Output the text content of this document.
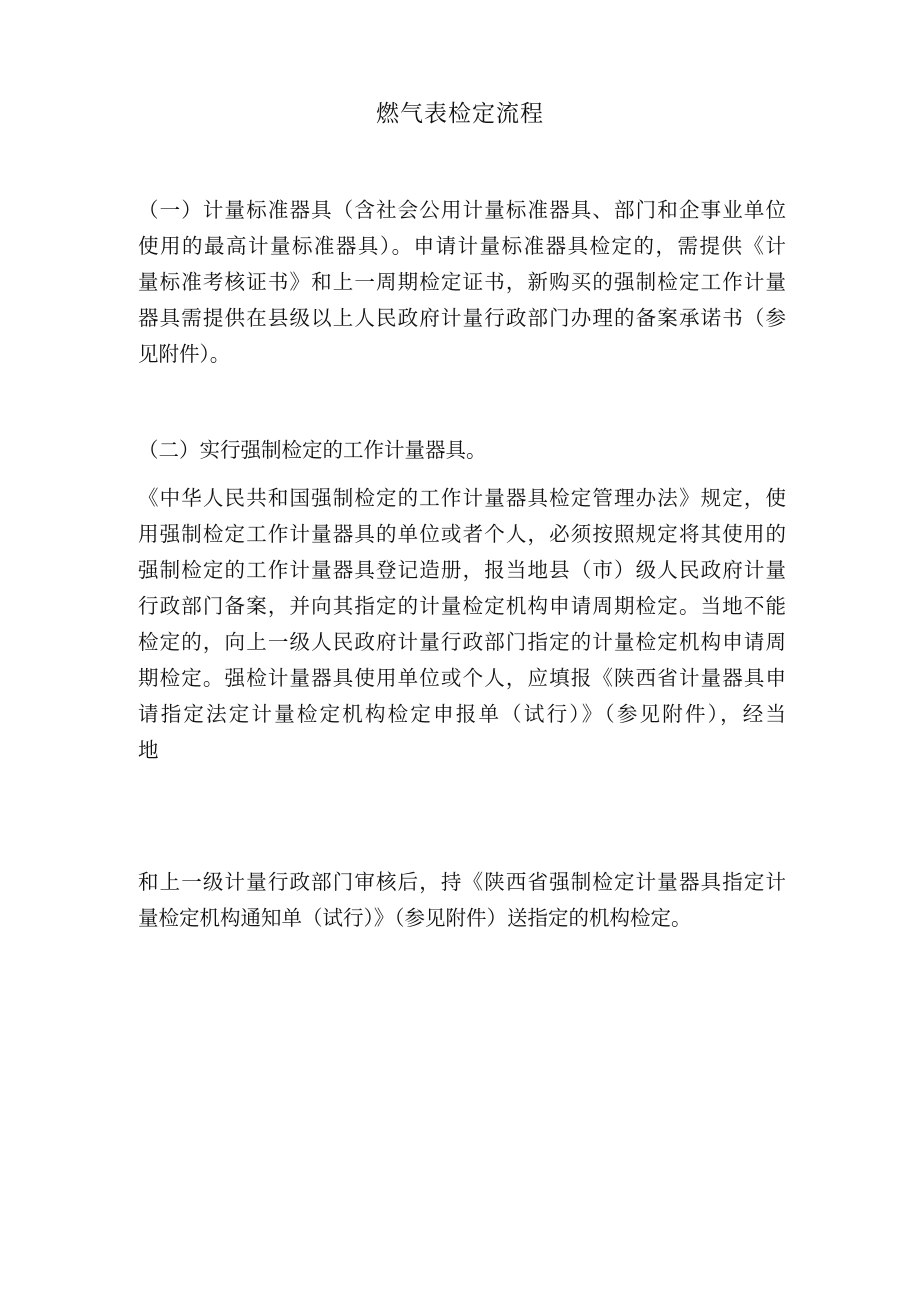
燃气表检定流程

（一）计量标准器具（含社会公用计量标准器具、部门和企事业单位
使用的最高计量标准器具）。申请计量标准器具检定的，需提供《计
量标准考核证书》和上一周期检定证书，新购买的强制检定工作计量
器具需提供在县级以上人民政府计量行政部门办理的备案承诺书（参
见附件）。

（二）实行强制检定的工作计量器具。

《中华人民共和国强制检定的工作计量器具检定管理办法》规定，使
用强制检定工作计量器具的单位或者个人，必须按照规定将其使用的
强制检定的工作计量器具登记造册，报当地县（市）级人民政府计量
行政部门备案，并向其指定的计量检定机构申请周期检定。当地不能
检定的，向上一级人民政府计量行政部门指定的计量检定机构申请周
期检定。强检计量器具使用单位或个人，应填报《陕西省计量器具申
请指定法定计量检定机构检定申报单（试行）》（参见附件），经当
地

和上一级计量行政部门审核后，持《陕西省强制检定计量器具指定计
量检定机构通知单（试行）》（参见附件）送指定的机构检定。
